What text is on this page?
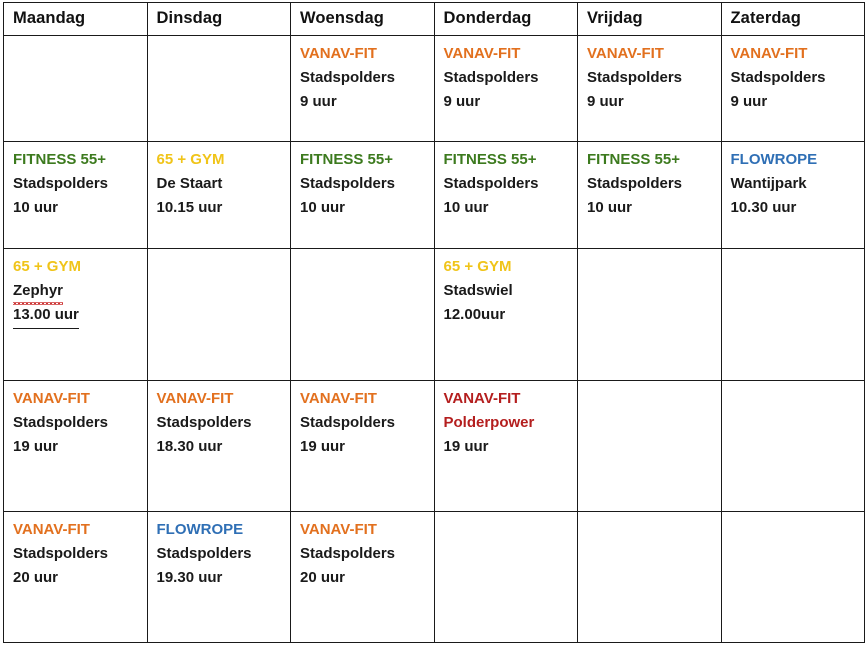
Maandag	Dinsdag	Woensdag	Donderdag	Vrijdag	Zaterdag

		VANAV-FIT
Stadspolders
9 uur	VANAV-FIT
Stadspolders
9 uur	VANAV-FIT
Stadspolders
9 uur	VANAV-FIT
Stadspolders
9 uur

FITNESS 55+
Stadspolders
10 uur	65 + GYM
De Staart
10.15 uur	FITNESS 55+
Stadspolders
10 uur	FITNESS 55+
Stadspolders
10 uur	FITNESS 55+
Stadspolders
10 uur	FLOWROPE
Wantijpark
10.30 uur

65 + GYM
Zephyr
13.00 uur			65 + GYM
Stadswiel
12.00uur		

VANAV-FIT
Stadspolders
19 uur	VANAV-FIT
Stadspolders
18.30 uur	VANAV-FIT
Stadspolders
19 uur	VANAV-FIT
Polderpower
19 uur		

VANAV-FIT
Stadspolders
20 uur	FLOWROPE
Stadspolders
19.30 uur	VANAV-FIT
Stadspolders
20 uur			
